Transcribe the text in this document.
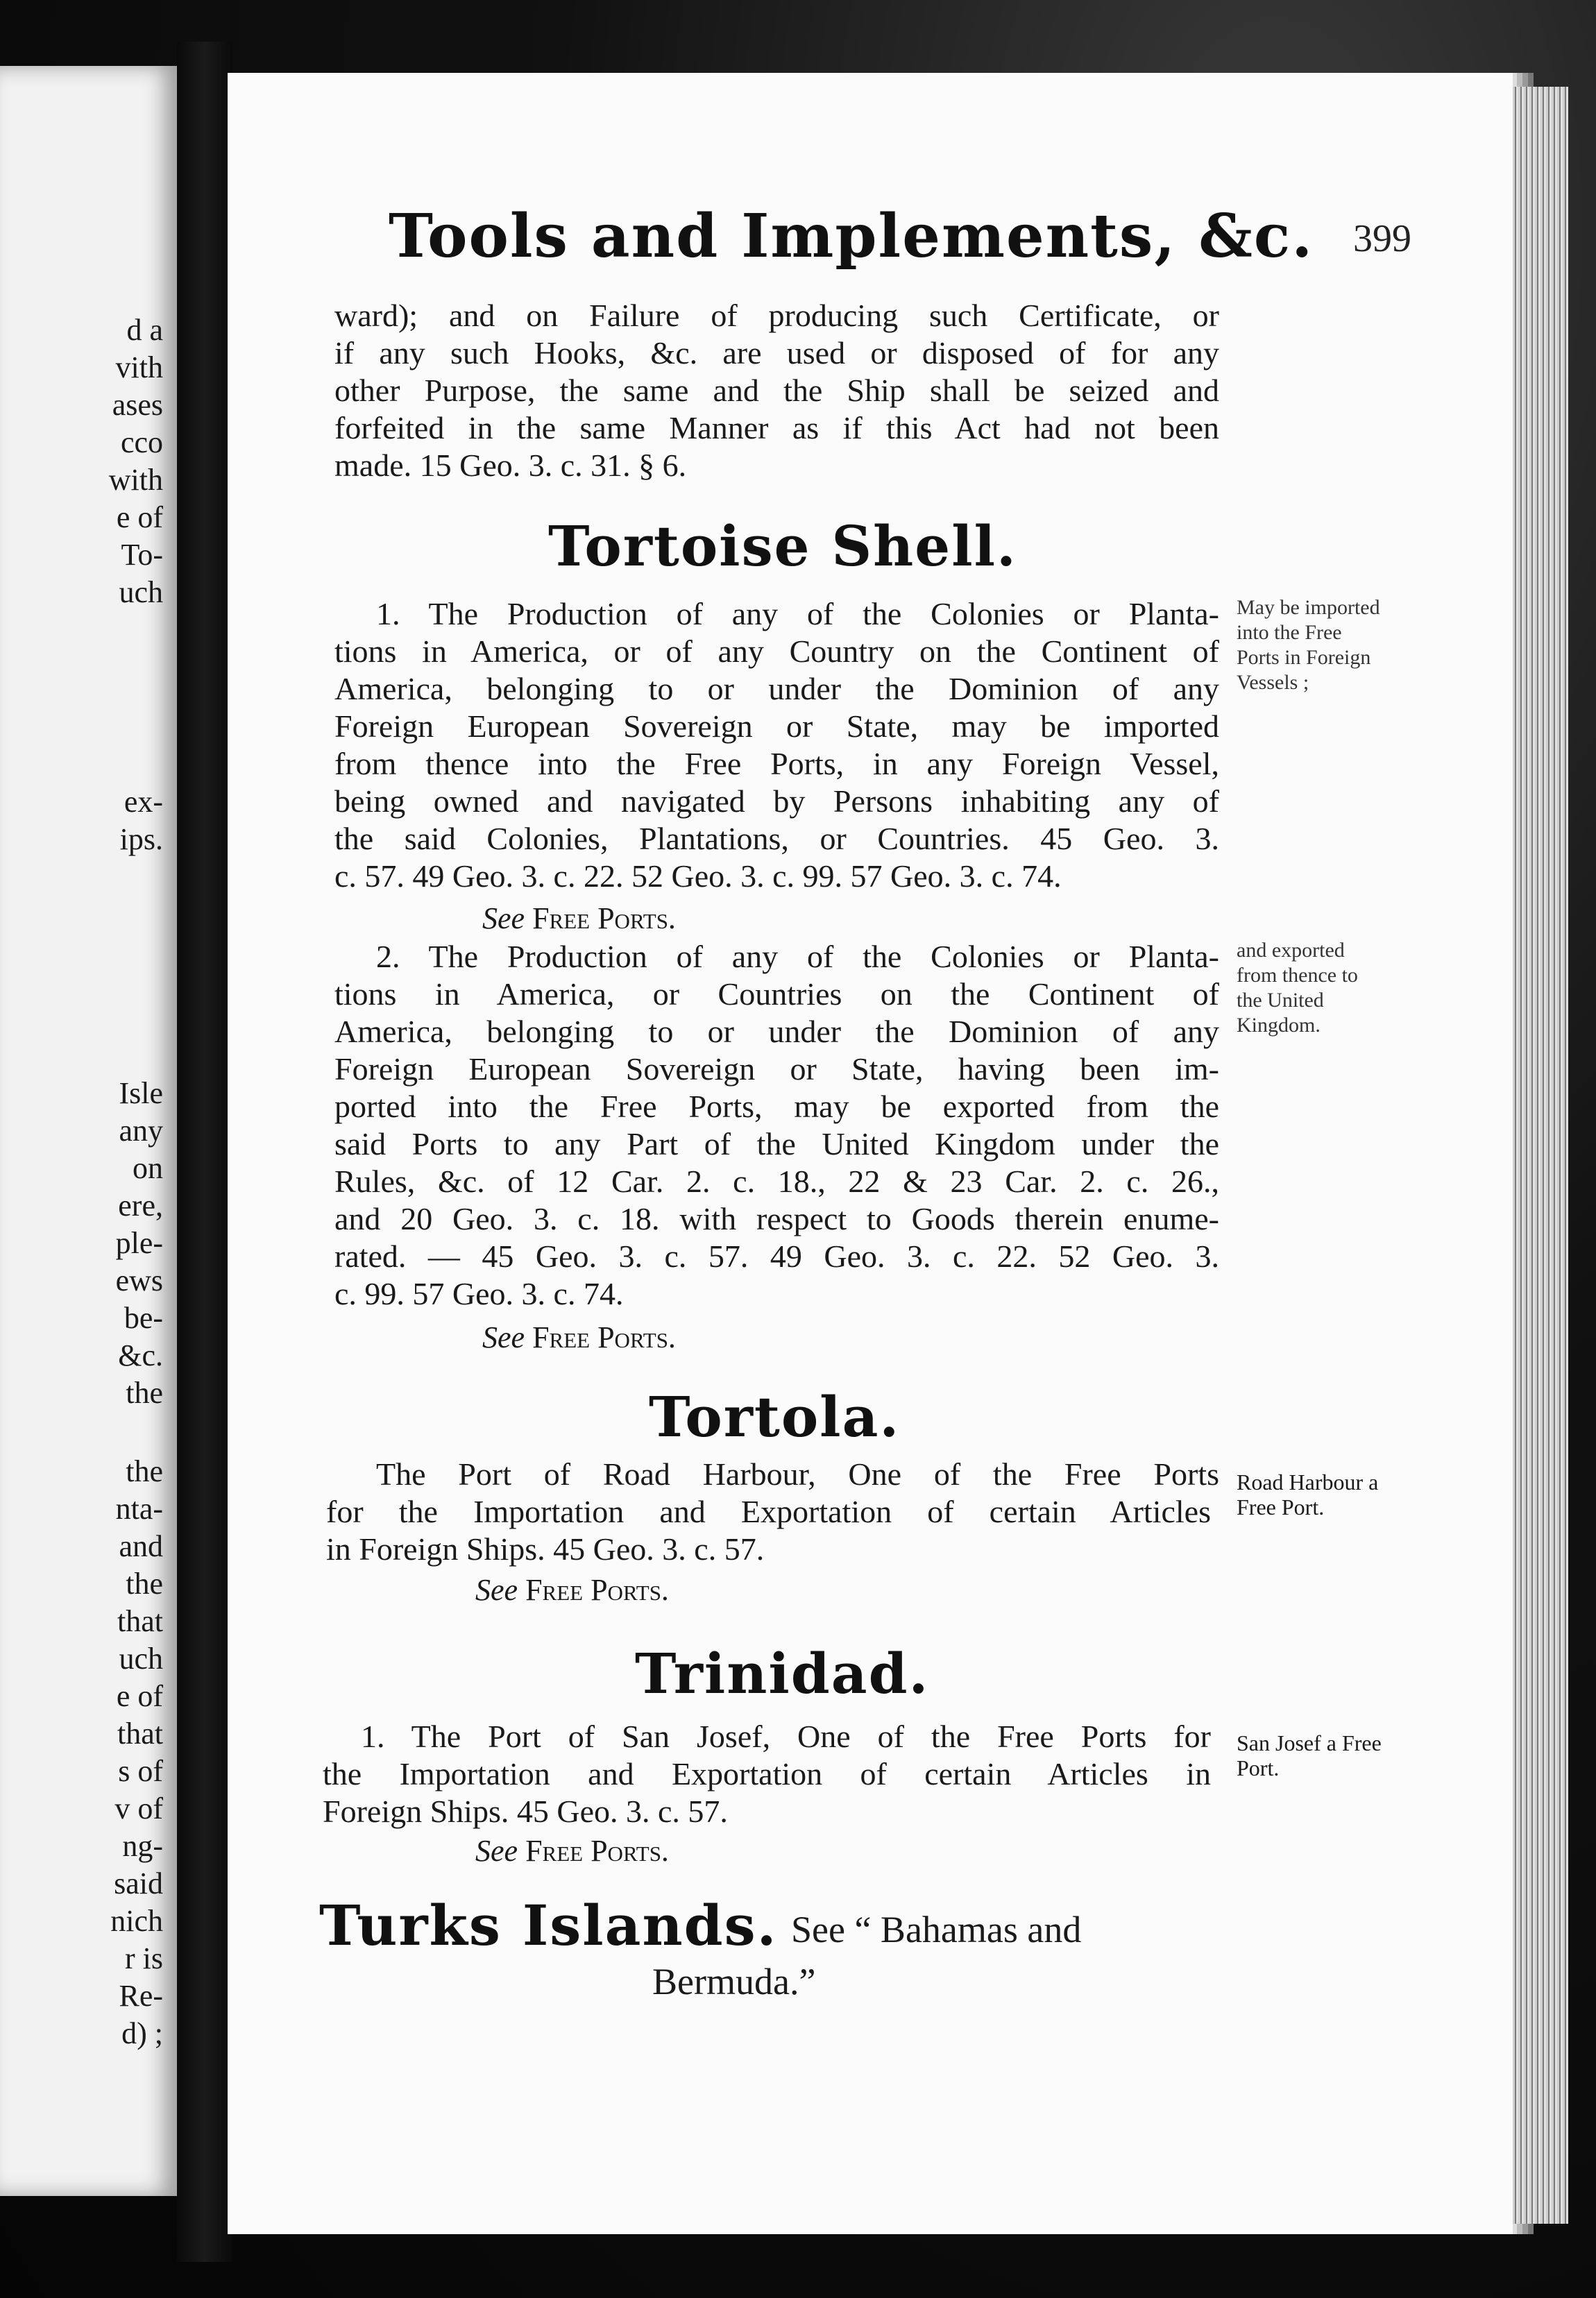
d a
vith
ases
cco
with
e of
To-
uch
ex-
ips.
Isle
any
on
ere,
ple-
ews
be-
&c.
the
the
nta-
and
the
that
uch
e of
that
s of
v of
ng-
said
nich
r is
Re-
d) ;
Tools and Implements, &c. 399
ward); and on Failure of producing such Certificate, or
if any such Hooks, &c. are used or disposed of for any
other Purpose, the same and the Ship shall be seized and
forfeited in the same Manner as if this Act had not been
made. 15 Geo. 3. c. 31. § 6.
Tortoise Shell.
1. The Production of any of the Colonies or Planta-
tions in America, or of any Country on the Continent of
America, belonging to or under the Dominion of any
Foreign European Sovereign or State, may be imported
from thence into the Free Ports, in any Foreign Vessel,
being owned and navigated by Persons inhabiting any of
the said Colonies, Plantations, or Countries. 45 Geo. 3.
c. 57. 49 Geo. 3. c. 22. 52 Geo. 3. c. 99. 57 Geo. 3. c. 74.
See Free Ports.
May be imported
into the Free
Ports in Foreign
Vessels ;
2. The Production of any of the Colonies or Planta-
tions in America, or Countries on the Continent of
America, belonging to or under the Dominion of any
Foreign European Sovereign or State, having been im-
ported into the Free Ports, may be exported from the
said Ports to any Part of the United Kingdom under the
Rules, &c. of 12 Car. 2. c. 18., 22 & 23 Car. 2. c. 26.,
and 20 Geo. 3. c. 18. with respect to Goods therein enume-
rated. — 45 Geo. 3. c. 57. 49 Geo. 3. c. 22. 52 Geo. 3.
c. 99. 57 Geo. 3. c. 74.
See Free Ports.
and exported
from thence to
the United
Kingdom.
Tortola.
The Port of Road Harbour, One of the Free Ports
for the Importation and Exportation of certain Articles
in Foreign Ships. 45 Geo. 3. c. 57.
See Free Ports.
Road Harbour a
Free Port.
Trinidad.
1. The Port of San Josef, One of the Free Ports for
the Importation and Exportation of certain Articles in
Foreign Ships. 45 Geo. 3. c. 57.
See Free Ports.
San Josef a Free
Port.
Turks Islands. See “ Bahamas and
Bermuda.”
